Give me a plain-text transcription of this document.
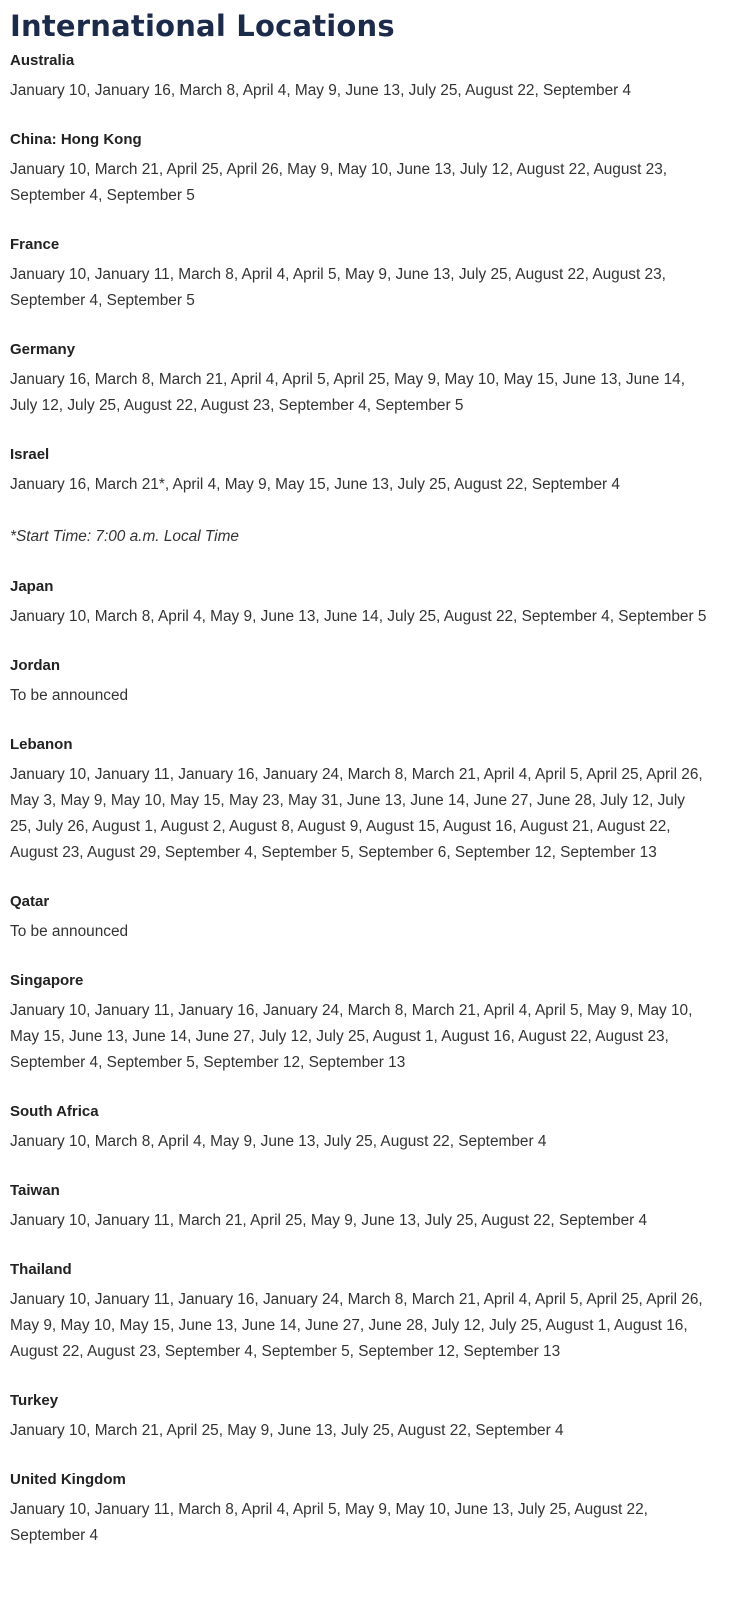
International Locations
Australia

January 10, January 16, March 8, April 4, May 9, June 13, July 25, August 22, September 4

China: Hong Kong

January 10, March 21, April 25, April 26, May 9, May 10, June 13, July 12, August 22, August 23, September 4, September 5

France

January 10, January 11, March 8, April 4, April 5, May 9, June 13, July 25, August 22, August 23, September 4, September 5

Germany

January 16, March 8, March 21, April 4, April 5, April 25, May 9, May 10, May 15, June 13, June 14, July 12, July 25, August 22, August 23, September 4, September 5

Israel

January 16, March 21*, April 4, May 9, May 15, June 13, July 25, August 22, September 4

*Start Time: 7:00 a.m. Local Time

Japan

January 10, March 8, April 4, May 9, June 13, June 14, July 25, August 22, September 4, September 5

Jordan

To be announced

Lebanon

January 10, January 11, January 16, January 24, March 8, March 21, April 4, April 5, April 25, April 26, May 3, May 9, May 10, May 15, May 23, May 31, June 13, June 14, June 27, June 28, July 12, July 25, July 26, August 1, August 2, August 8, August 9, August 15, August 16, August 21, August 22, August 23, August 29, September 4, September 5, September 6, September 12, September 13

Qatar

To be announced

Singapore

January 10, January 11, January 16, January 24, March 8, March 21, April 4, April 5, May 9, May 10, May 15, June 13, June 14, June 27, July 12, July 25, August 1, August 16, August 22, August 23, September 4, September 5, September 12, September 13

South Africa

January 10, March 8, April 4, May 9, June 13, July 25, August 22, September 4

Taiwan

January 10, January 11, March 21, April 25, May 9, June 13, July 25, August 22, September 4

Thailand

January 10, January 11, January 16, January 24, March 8, March 21, April 4, April 5, April 25, April 26, May 9, May 10, May 15, June 13, June 14, June 27, June 28, July 12, July 25, August 1, August 16, August 22, August 23, September 4, September 5, September 12, September 13

Turkey

January 10, March 21, April 25, May 9, June 13, July 25, August 22, September 4

United Kingdom

January 10, January 11, March 8, April 4, April 5, May 9, May 10, June 13, July 25, August 22, September 4
